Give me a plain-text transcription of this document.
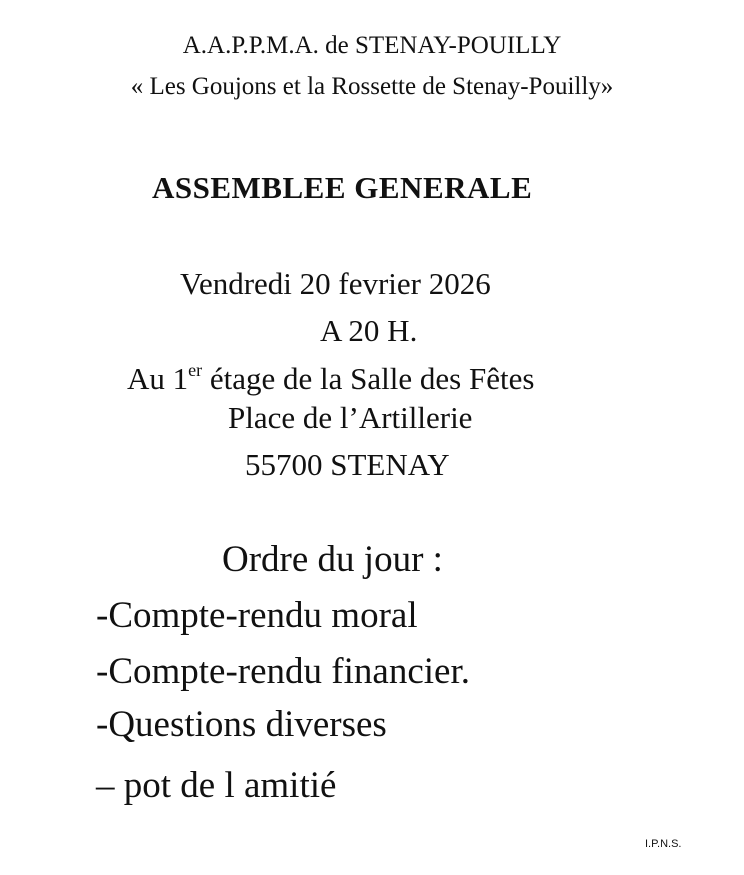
A.A.P.P.M.A. de STENAY-POUILLY
« Les Goujons et la Rossette de Stenay-Pouilly»
ASSEMBLEE GENERALE
Vendredi 20 fevrier 2026
A 20 H.
Au 1er étage de la Salle des Fêtes
Place de l’Artillerie
55700 STENAY
Ordre du jour :
-Compte-rendu moral
-Compte-rendu financier.
-Questions diverses
– pot de l amitié
I.P.N.S.
